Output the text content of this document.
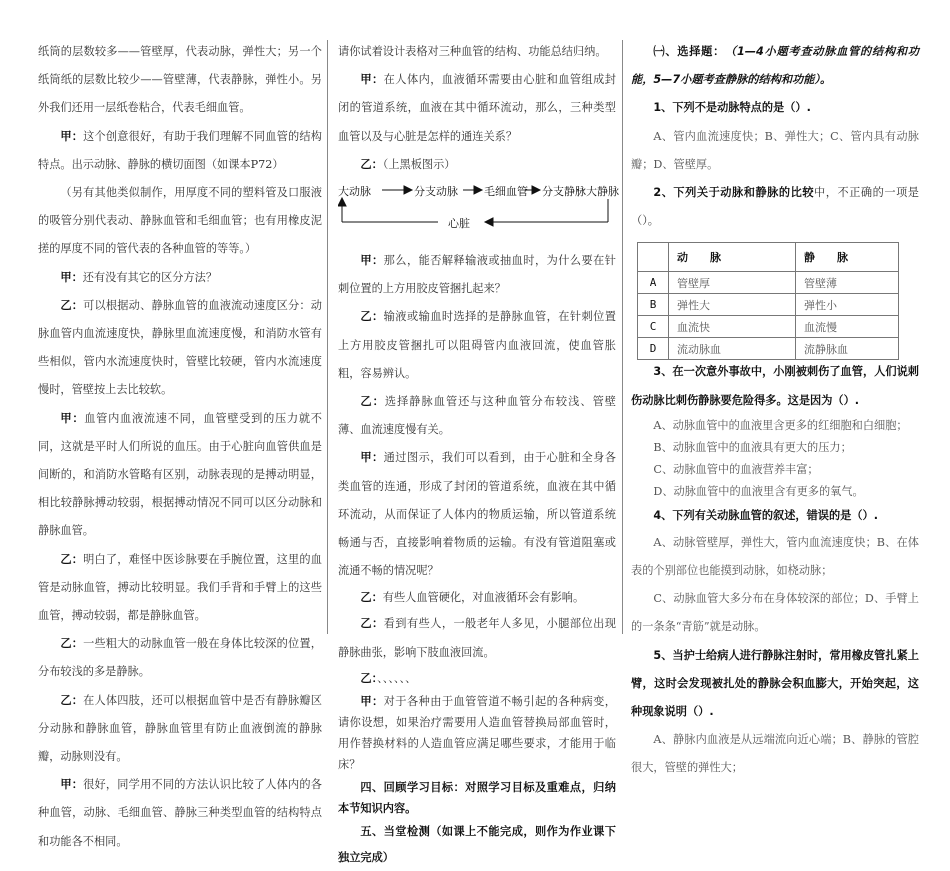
纸筒的层数较多——管壁厚，代表动脉，弹性大；另一个纸筒纸的层数比较少——管壁薄，代表静脉，弹性小。另外我们还用一层纸卷粘合，代表毛细血管。

甲：这个创意很好，有助于我们理解不同血管的结构特点。出示动脉、静脉的横切面图（如课本P72）

（另有其他类似制作，用厚度不同的塑料管及口服液的吸管分别代表动、静脉血管和毛细血管；也有用橡皮泥搓的厚度不同的管代表的各种血管的等等。）

甲：还有没有其它的区分方法？

乙：可以根据动、静脉血管的血液流动速度区分：动脉血管内血流速度快，静脉里血流速度慢，和消防水管有些相似，管内水流速度快时，管壁比较硬，管内水流速度慢时，管壁按上去比较软。

甲：血管内血液流速不同，血管壁受到的压力就不同，这就是平时人们所说的血压。由于心脏向血管供血是间断的，和消防水管略有区别，动脉表现的是搏动明显，相比较静脉搏动较弱，根据搏动情况不同可以区分动脉和静脉血管。

乙：明白了，难怪中医诊脉要在手腕位置，这里的血管是动脉血管，搏动比较明显。我们手背和手臂上的这些血管，搏动较弱，都是静脉血管。

乙：一些粗大的动脉血管一般在身体比较深的位置，分布较浅的多是静脉。

乙：在人体四肢，还可以根据血管中是否有静脉瓣区分动脉和静脉血管，静脉血管里有防止血液倒流的静脉瓣，动脉则没有。

甲：很好，同学用不同的方法认识比较了人体内的各种血管，动脉、毛细血管、静脉三种类型血管的结构特点和功能各不相同。

请你试着设计表格对三种血管的结构、功能总结归纳。

甲：在人体内，血液循环需要由心脏和血管组成封闭的管道系统，血液在其中循环流动，那么，三种类型血管以及与心脏是怎样的通连关系？

乙：（上黑板图示）

大动脉	分支动脉 毛细血管 分支静脉 大静脉
心脏

甲：那么，能否解释输液或抽血时，为什么要在针刺位置的上方用胶皮管捆扎起来？

乙：输液或输血时选择的是静脉血管，在针刺位置上方用胶皮管捆扎可以阻碍管内血液回流，使血管胀粗，容易辨认。

乙：选择静脉血管还与这种血管分布较浅、管壁薄、血流速度慢有关。

甲：通过图示，我们可以看到，由于心脏和全身各类血管的连通，形成了封闭的管道系统，血液在其中循环流动，从而保证了人体内的物质运输，所以管道系统畅通与否，直接影响着物质的运输。有没有管道阻塞或流通不畅的情况呢？

乙：有些人血管硬化，对血液循环会有影响。

乙：看到有些人，一般老年人多见，小腿部位出现静脉曲张，影响下肢血液回流。

乙：、、、、、、

甲：对于各种由于血管管道不畅引起的各种病变，请你设想，如果治疗需要用人造血管替换局部血管时，用作替换材料的人造血管应满足哪些要求，才能用于临床？

四、回顾学习目标：对照学习目标及重难点，归纳本节知识内容。

五、当堂检测（如课上不能完成，则作为作业课下独立完成）

㈠、选择题：（1—4小题考查动脉血管的结构和功能，5—7小题考查静脉的结构和功能）。

1、下列不是动脉特点的是（）.

A、管内血流速度快；B、弹性大；C、管内具有动脉瓣；D、管壁厚。

2、下列关于动脉和静脉的比较中，不正确的一项是（）。

	动　　脉	静　　脉
A	管壁厚	管壁薄
B	弹性大	弹性小
C	血流快	血流慢
D	流动脉血	流静脉血

3、在一次意外事故中，小刚被刺伤了血管，人们说刺伤动脉比刺伤静脉要危险得多。这是因为（）.

A、动脉血管中的血液里含更多的红细胞和白细胞；

B、动脉血管中的血液具有更大的压力；

C、动脉血管中的血液营养丰富；

D、动脉血管中的血液里含有更多的氧气。

4、下列有关动脉血管的叙述，错误的是（）.

A、动脉管壁厚，弹性大，管内血流速度快；B、在体表的个别部位也能摸到动脉，如桡动脉；

C、动脉血管大多分布在身体较深的部位；D、手臂上的一条条“青筋”就是动脉。

5、当护士给病人进行静脉注射时，常用橡皮管扎紧上臂，这时会发现被扎处的静脉会积血膨大，开始突起，这种现象说明（）.

A、静脉内血液是从远端流向近心端；B、静脉的管腔很大，管壁的弹性大；
